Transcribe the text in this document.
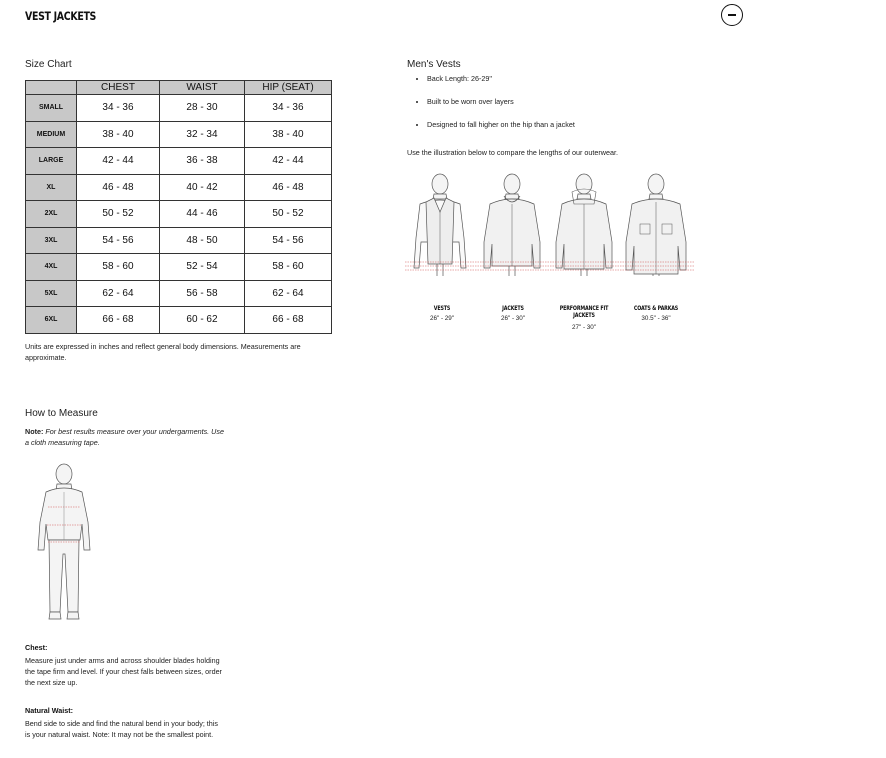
VEST JACKETS
Size Chart
	CHEST	WAIST	HIP (SEAT)
SMALL	34 - 36	28 - 30	34 - 36
MEDIUM	38 - 40	32 - 34	38 - 40
LARGE	42 - 44	36 - 38	42 - 44
XL	46 - 48	40 - 42	46 - 48
2XL	50 - 52	44 - 46	50 - 52
3XL	54 - 56	48 - 50	54 - 56
4XL	58 - 60	52 - 54	58 - 60
5XL	62 - 64	56 - 58	62 - 64
6XL	66 - 68	60 - 62	66 - 68
Units are expressed in inches and reflect general body dimensions. Measurements are
approximate.
How to Measure
Note: For best results measure over your undergarments. Use
a cloth measuring tape.
Chest:
Measure just under arms and across shoulder blades holding
the tape firm and level. If your chest falls between sizes, order
the next size up.
Natural Waist:
Bend side to side and find the natural bend in your body; this
is your natural waist. Note: It may not be the smallest point.
Men's Vests
• Back Length: 26-29"
• Built to be worn over layers
• Designed to fall higher on the hip than a jacket
Use the illustration below to compare the lengths of our outerwear.
VESTS
26" - 29"
JACKETS
26" - 30"
PERFORMANCE FIT
JACKETS
27" - 30"
COATS & PARKAS
30.5" - 36"
